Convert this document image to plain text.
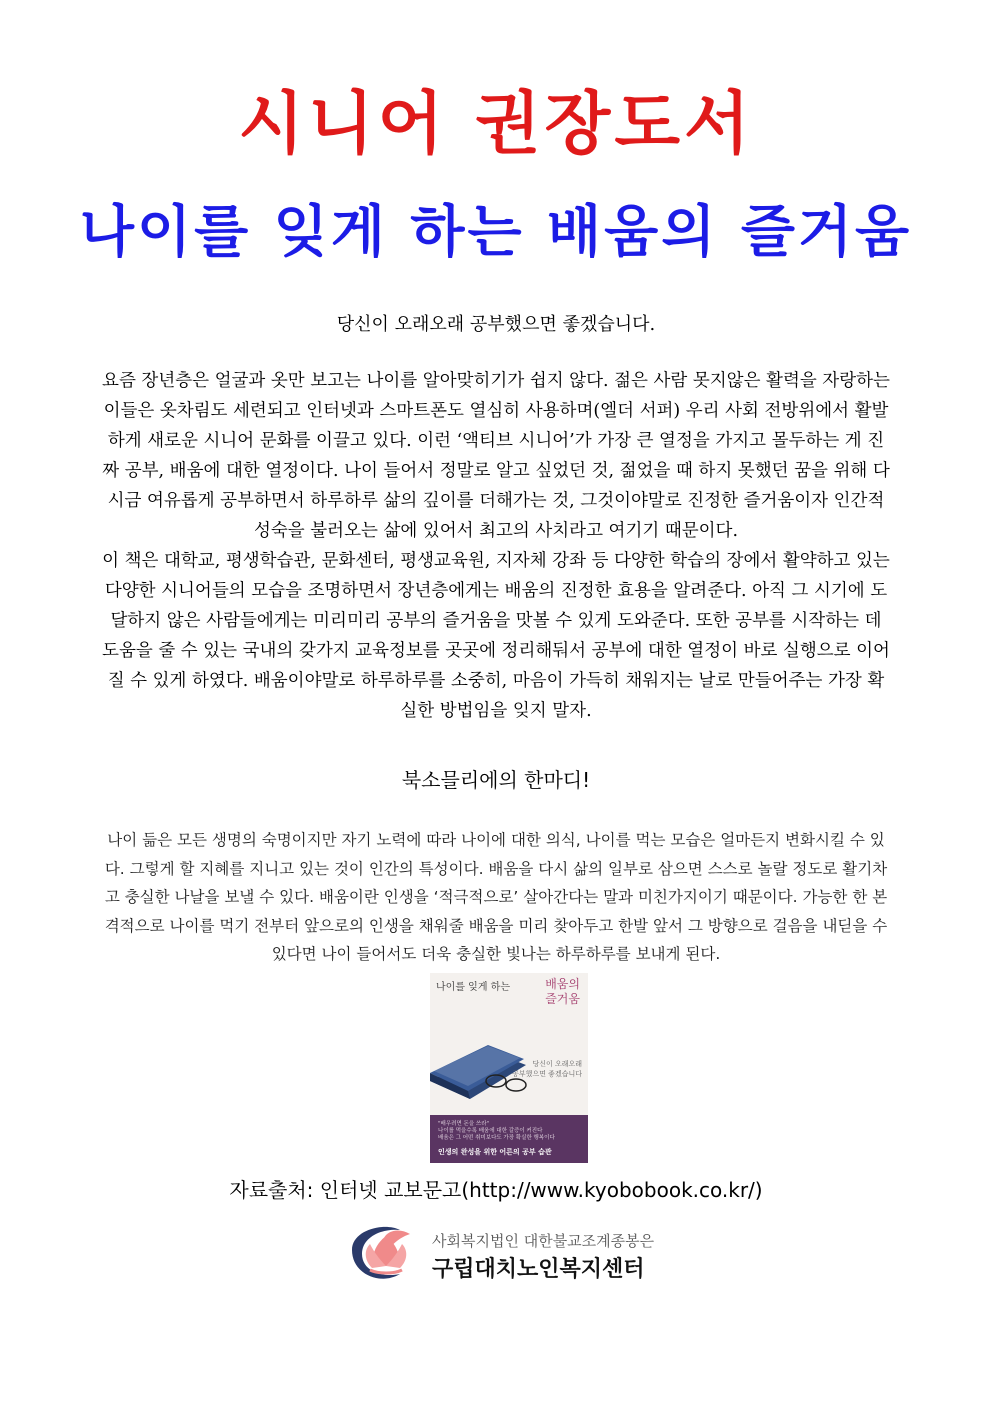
시니어 권장도서
나이를 잊게 하는 배움의 즐거움
당신이 오래오래 공부했으면 좋겠습니다.

요즘 장년층은 얼굴과 옷만 보고는 나이를 알아맞히기가 쉽지 않다. 젊은 사람 못지않은 활력을 자랑하는 이들은 옷차림도 세련되고 인터넷과 스마트폰도 열심히 사용하며(엘더 서퍼) 우리 사회 전방위에서 활발하게 새로운 시니어 문화를 이끌고 있다. 이런 ‘액티브 시니어’가 가장 큰 열정을 가지고 몰두하는 게 진짜 공부, 배움에 대한 열정이다. 나이 들어서 정말로 알고 싶었던 것, 젊었을 때 하지 못했던 꿈을 위해 다시금 여유롭게 공부하면서 하루하루 삶의 깊이를 더해가는 것, 그것이야말로 진정한 즐거움이자 인간적 성숙을 불러오는 삶에 있어서 최고의 사치라고 여기기 때문이다.

이 책은 대학교, 평생학습관, 문화센터, 평생교육원, 지자체 강좌 등 다양한 학습의 장에서 활약하고 있는 다양한 시니어들의 모습을 조명하면서 장년층에게는 배움의 진정한 효용을 알려준다. 아직 그 시기에 도달하지 않은 사람들에게는 미리미리 공부의 즐거움을 맛볼 수 있게 도와준다. 또한 공부를 시작하는 데 도움을 줄 수 있는 국내의 갖가지 교육정보를 곳곳에 정리해둬서 공부에 대한 열정이 바로 실행으로 이어질 수 있게 하였다. 배움이야말로 하루하루를 소중히, 마음이 가득히 채워지는 날로 만들어주는 가장 확실한 방법임을 잊지 말자.

북소믈리에의 한마디!
나이 듦은 모든 생명의 숙명이지만 자기 노력에 따라 나이에 대한 의식, 나이를 먹는 모습은 얼마든지 변화시킬 수 있다. 그렇게 할 지혜를 지니고 있는 것이 인간의 특성이다. 배움을 다시 삶의 일부로 삼으면 스스로 놀랄 정도로 활기차고 충실한 나날을 보낼 수 있다. 배움이란 인생을 ‘적극적으로’ 살아간다는 말과 미친가지이기 때문이다. 가능한 한 본격적으로 나이를 먹기 전부터 앞으로의 인생을 채워줄 배움을 미리 찾아두고 한발 앞서 그 방향으로 걸음을 내딛을 수 있다면 나이 들어서도 더욱 충실한 빛나는 하루하루를 보내게 된다.
나이를 잊게 하는	배움의
즐거움
당신이 오래오래
공부했으면 좋겠습니다
"배우려면 돈을 쓰라"
나이를 먹을수록 배움에 대한 갈증이 커진다
배움은 그 어떤 취미보다도 가장 확실한 행복이다
인생의 완성을 위한 어른의 공부 습관
자료출처: 인터넷 교보문고(http://www.kyobobook.co.kr/)
사회복지법인 대한불교조계종봉은
구립대치노인복지센터
